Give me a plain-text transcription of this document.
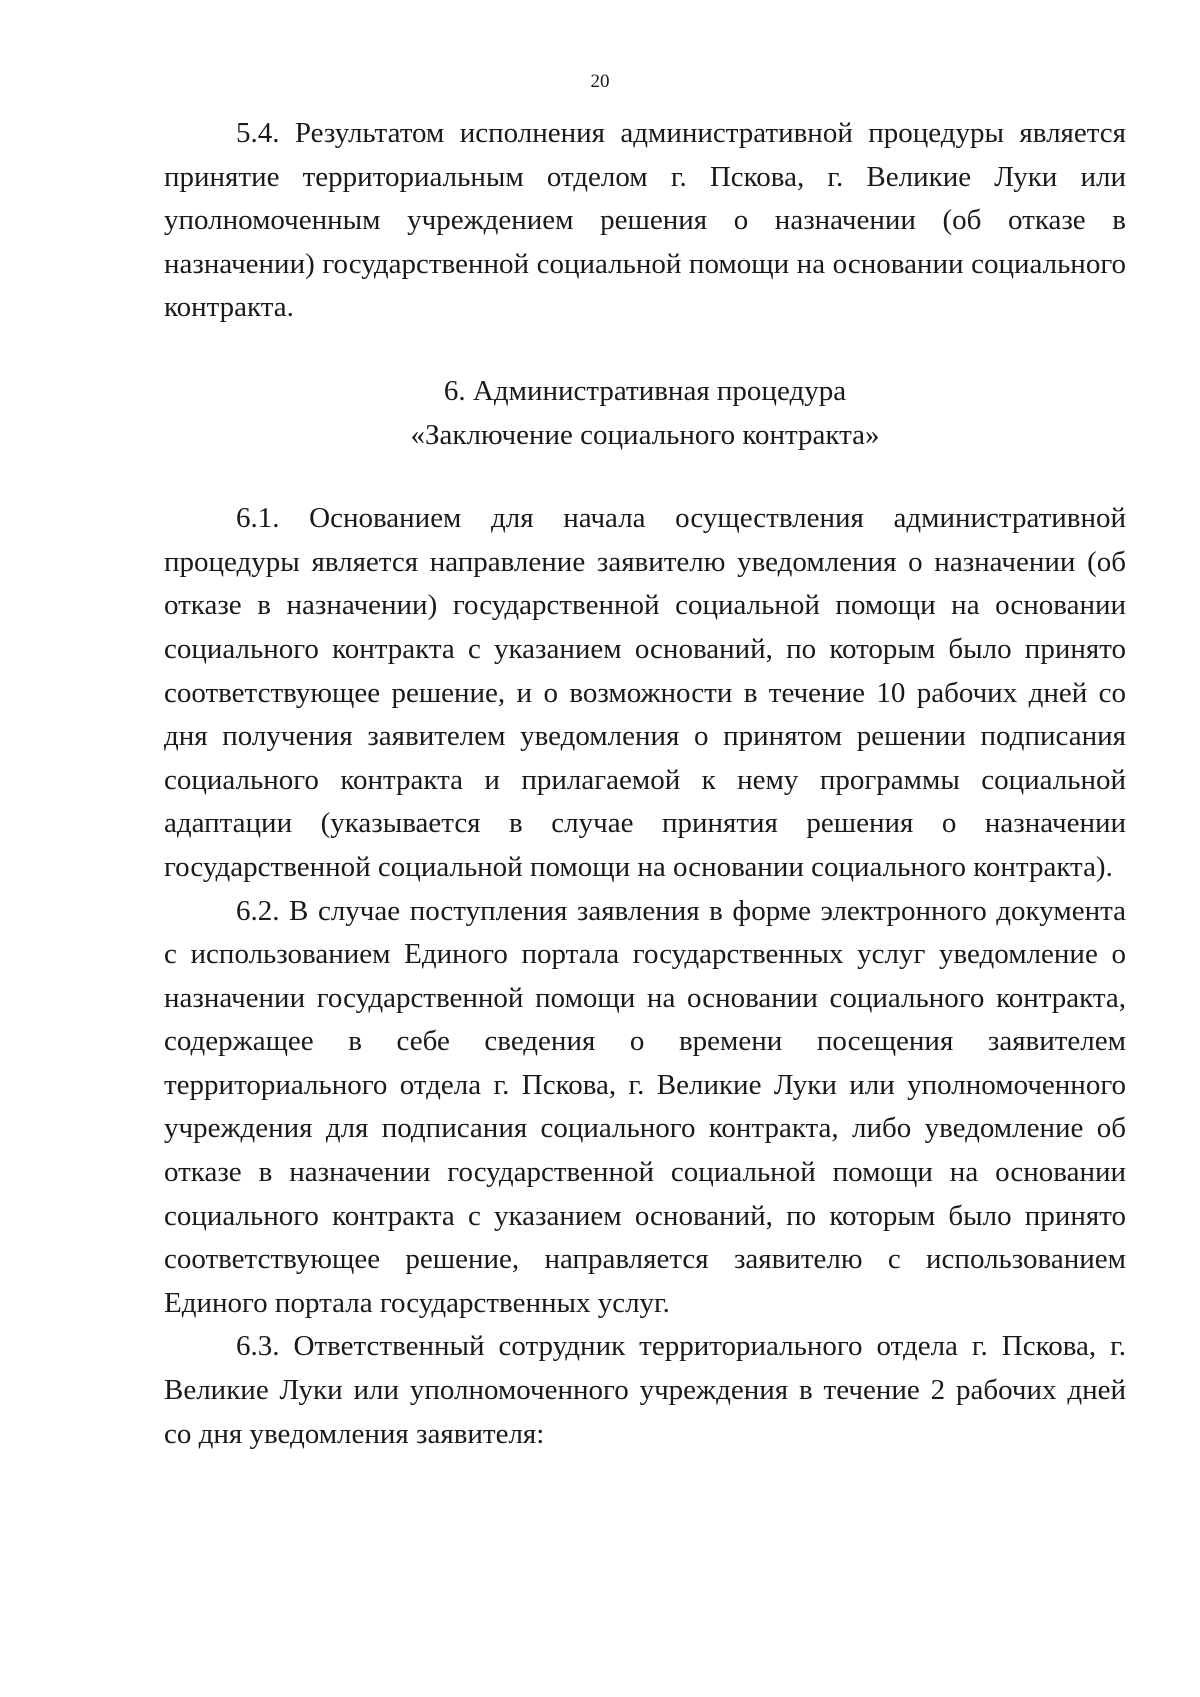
20

5.4. Результатом исполнения административной процедуры является принятие территориальным отделом г. Пскова, г. Великие Луки или уполномоченным учреждением решения о назначении (об отказе в назначении) государственной социальной помощи на основании социального контракта.

6. Административная процедура

«Заключение социального контракта»

6.1. Основанием для начала осуществления административной процедуры является направление заявителю уведомления о назначении (об отказе в назначении) государственной социальной помощи на основании социального контракта с указанием оснований, по которым было принято соответствующее решение, и о возможности в течение 10 рабочих дней со дня получения заявителем уведомления о принятом решении подписания социального контракта и прилагаемой к нему программы социальной адаптации (указывается в случае принятия решения о назначении государственной социальной помощи на основании социального контракта).

6.2. В случае поступления заявления в форме электронного документа с использованием Единого портала государственных услуг уведомление о назначении государственной помощи на основании социального контракта, содержащее в себе сведения о времени посещения заявителем территориального отдела г. Пскова, г. Великие Луки или уполномоченного учреждения для подписания социального контракта, либо уведомление об отказе в назначении государственной социальной помощи на основании социального контракта с указанием оснований, по которым было принято соответствующее решение, направляется заявителю с использованием Единого портала государственных услуг.

6.3. Ответственный сотрудник территориального отдела г. Пскова, г. Великие Луки или уполномоченного учреждения в течение 2 рабочих дней со дня уведомления заявителя:
